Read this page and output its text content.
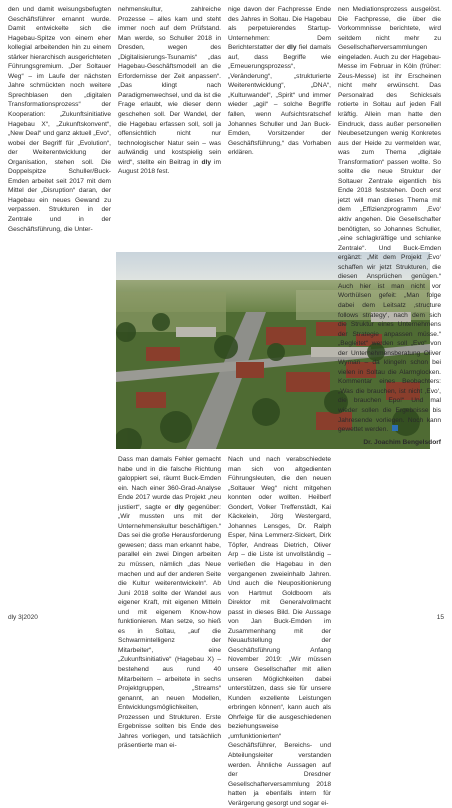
den und damit weisungsbefugten Geschäftsführer ernannt wurde. Damit entwickelte sich die Hagebau-Spitze von einem eher kollegial arbeitenden hin zu einem stärker hierarchisch ausgerichteten Führungsgremium. „Der Soltauer Weg“ – im Laufe der nächsten Jahre schmückten noch weitere Sprechblasen den „digitalen Transformationsprozess“ der Kooperation: „Zukunftsinitiative Hagebau X“, „Zukunftskonvent“, „New Deal“ und ganz aktuell „Evo“, wobei der Begriff für „Evolution“, der Weiterentwicklung der Organisation, stehen soll. Die Doppelspitze Schuller/Buck-Emden arbeitet seit 2017 mit dem Mittel der „Disruption“ daran, der Hagebau ein neues Gewand zu verpassen. Strukturen in der Zentrale und in der Geschäftsführung, die Unter-

nehmenskultur, zahlreiche Prozesse – alles kam und steht immer noch auf dem Prüfstand. Man werde, so Schuller 2018 in Dresden, wegen des „Digitalisierungs-Tsunamis“ „das Hagebau-Geschäftsmodell an die Erfordernisse der Zeit anpassen“. „Das klingt nach Paradigmenwechsel, und da ist die Frage erlaubt, wie dieser denn geschehen soll. Der Wandel, der die Hagebau erfassen soll, soll ja offensichtlich nicht nur technologischer Natur sein – was aufwändig und kostspielig sein wird“, stellte ein Beitrag in dly im August 2018 fest.

Dass man damals Fehler gemacht habe und in die falsche Richtung galoppiert sei, räumt Buck-Emden ein. Nach einer 360-Grad-Analyse Ende 2017 wurde das Projekt „neu justiert“, sagte er dly gegenüber: „Wir mussten uns mit der Unternehmenskultur beschäftigen.“ Das sei die große Herausforderung gewesen; dass man erkannt habe, parallel ein zwei Dingen arbeiten zu müssen, nämlich „das Neue machen und auf der anderen Seite die Kultur weiterentwickeln“. Ab Juni 2018 sollte der Wandel aus eigener Kraft, mit eigenen Mitteln und mit eigenem Know-how funktionieren. Man setze, so hieß es in Soltau, „auf die Schwarmintelligenz der Mitarbeiter“, eine „Zukunftsinitiative“ (Hagebau X) – bestehend aus rund 40 Mitarbeitern – arbeitete in sechs Projektgruppen, „Streams“ genannt, an neuen Modellen, Entwicklungsmöglichkeiten, Prozessen und Strukturen. Erste Ergebnisse sollten bis Ende des Jahres vorliegen, und tatsächlich präsentierte man ei-

nige davon der Fachpresse Ende des Jahres in Soltau. Die Hagebau als perpetuierendes Startup-Unternehmen: Dem Berichterstatter der dly fiel damals auf, dass Begriffe wie „Erneuerungsprozess“, „Veränderung“, „strukturierte Weiterentwicklung“, „DNA“, „Kulturwandel“, „Spirit“ und immer wieder „agil“ – solche Begriffe fallen, wenn Aufsichtsratschef Johannes Schuller und Jan Buck-Emden, Vorsitzender der Geschäftsführung,“ das Vorhaben erklären.

Nach und nach verabschiedete man sich von altgedienten Führungsleuten, die den neuen „Soltauer Weg“ nicht mitgehen konnten oder wollten. Heilberf Gondert, Volker Treffenstädt, Kai Käckelein, Jörg Westergard, Johannes Lensges, Dr. Ralph Esper, Nina Lemmerz-Sickert, Dirk Töpfer, Andreas Dietrich, Oliver Arp – die Liste ist unvollständig – verließen die Hagebau in den vergangenen zweieinhalb Jahren. Und auch die Neupositionierung von Hartmut Goldboom als Direktor mit Generalvollmacht passt in dieses Bild. Die Aussage von Jan Buck-Emden im Zusammenhang mit der Neuaufstellung der Geschäftsführung Anfang November 2019: „Wir müssen unsere Gesellschafter mit allen unseren Möglichkeiten dabei unterstützen, dass sie für unsere Kunden exzellente Leistungen erbringen können“, kann auch als Ohrfeige für die ausgeschiedenen beziehungsweise „umfunktionierten“ Geschäftsführer, Bereichs- und Abteilungsleiter verstanden werden. Ähnliche Aussagen auf der Dresdner Gesellschafterversammlung 2018 hatten ja ebenfalls intern für Verärgerung gesorgt und sogar ei-

nen Mediationsprozess ausgelöst. Die Fachpresse, die über die Vorkommnisse berichtete, wird seitdem nicht mehr zu Gesellschafterversammlungen eingeladen. Auch zu der Hagebau-Messe im Februar in Köln (früher: Zeus-Messe) ist ihr Erscheinen nicht mehr erwünscht. Das Personalrad des Schicksals rotierte in Soltau auf jeden Fall kräftig. Allein man hatte den Eindruck, dass außer personellen Neubesetzungen wenig Konkretes aus der Heide zu vermelden war, was zum Thema „digitale Transformation“ passen wollte. So sollte die neue Struktur der Soltauer Zentrale eigentlich bis Ende 2018 feststehen. Doch erst jetzt will man dieses Thema mit dem „Effizienzprogramm ‚Evo‘ aktiv angehen. Die Gesellschafter benötigten, so Johannes Schuller, „eine schlagkräftige und schlanke Zentrale“. Und Buck-Emden ergänzt: „Mit dem Projekt ‚Evo‘ schaffen wir jetzt Strukturen, die diesen Ansprüchen genügen.“ Auch hier ist man nicht vor Worthülsen gefeit: „Man folge dabei dem Leitsatz ‚structure follows strategy‘, nach dem sich die Struktur eines Unternehmens der Strategie anpassen müsse.“ „Begleitet“ werden soll „Evo“ von der Unternehmensberatung Oliver Wyman – da klingeln schon bei vielen in Soltau die Alarmglocken. Kommentar eines Beobachters: „Was die brauchen, ist nicht ‚Evo‘, die brauchen Epo!“ Und mal wieder sollen die Ergebnisse bis Jahresende vorliegen. Noch kann gewettet werden.

Dr. Joachim Bengelsdorf

dly 3|2020	15
